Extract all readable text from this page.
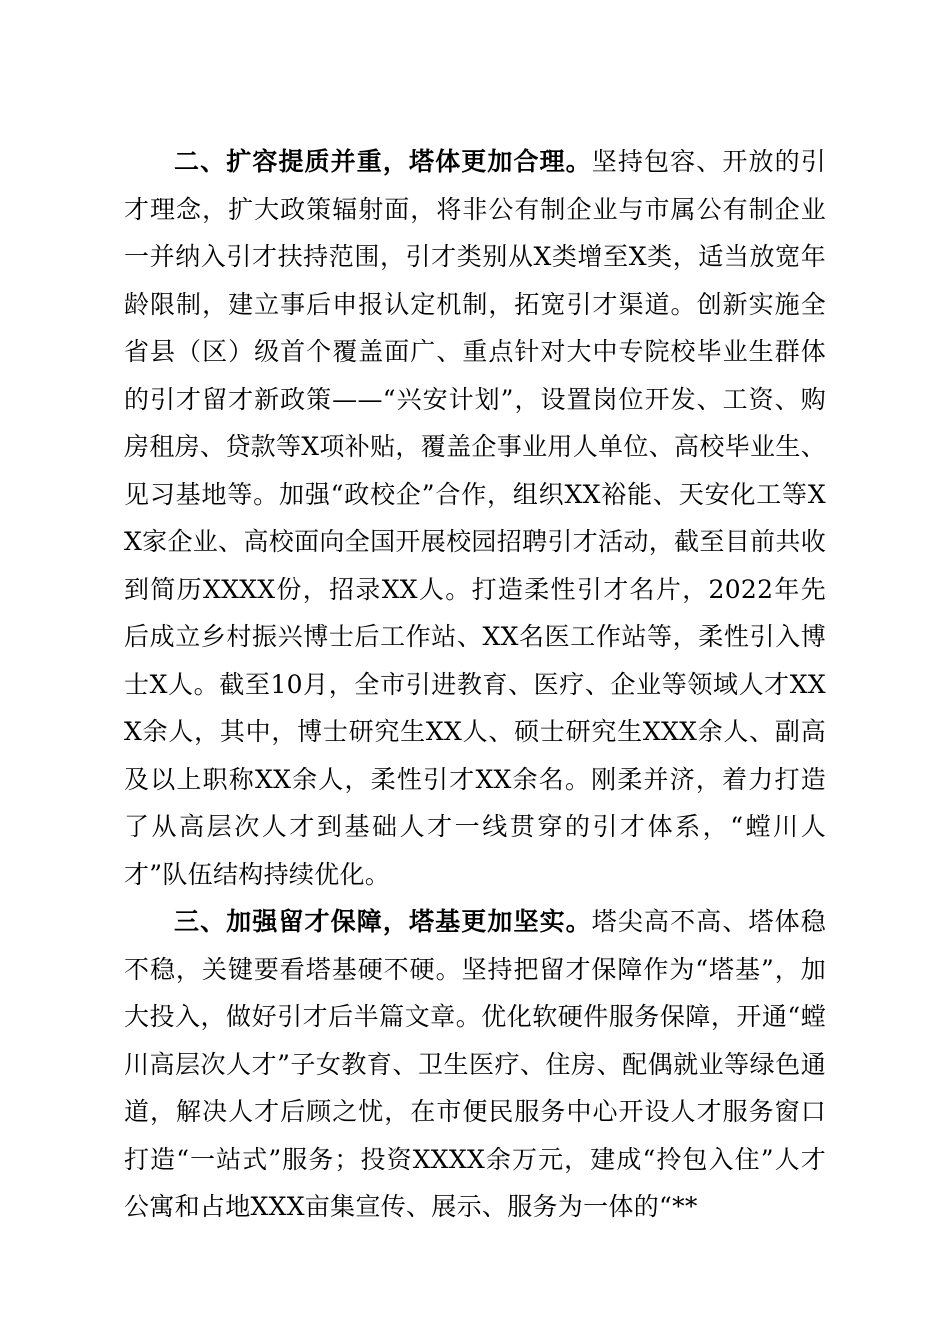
二、扩容提质并重，塔体更加合理。坚持包容、开放的引才理念，扩大政策辐射面，将非公有制企业与市属公有制企业一并纳入引才扶持范围，引才类别从X类增至X类，适当放宽年龄限制，建立事后申报认定机制，拓宽引才渠道。创新实施全省县（区）级首个覆盖面广、重点针对大中专院校毕业生群体的引才留才新政策——“兴安计划”，设置岗位开发、工资、购房租房、贷款等X项补贴，覆盖企事业用人单位、高校毕业生、见习基地等。加强“政校企”合作，组织XX裕能、天安化工等XX家企业、高校面向全国开展校园招聘引才活动，截至目前共收到简历XXXX份，招录XX人。打造柔性引才名片，2022年先后成立乡村振兴博士后工作站、XX名医工作站等，柔性引入博士X人。截至10月，全市引进教育、医疗、企业等领域人才XXX余人，其中，博士研究生XX人、硕士研究生XXX余人、副高及以上职称XX余人，柔性引才XX余名。刚柔并济，着力打造了从高层次人才到基础人才一线贯穿的引才体系，“螳川人才”队伍结构持续优化。

三、加强留才保障，塔基更加坚实。塔尖高不高、塔体稳不稳，关键要看塔基硬不硬。坚持把留才保障作为“塔基”，加大投入，做好引才后半篇文章。优化软硬件服务保障，开通“螳川高层次人才”子女教育、卫生医疗、住房、配偶就业等绿色通道，解决人才后顾之忧，在市便民服务中心开设人才服务窗口打造“一站式”服务；投资XXXX余万元，建成“拎包入住”人才公寓和占地XXX亩集宣传、展示、服务为一体的“**
